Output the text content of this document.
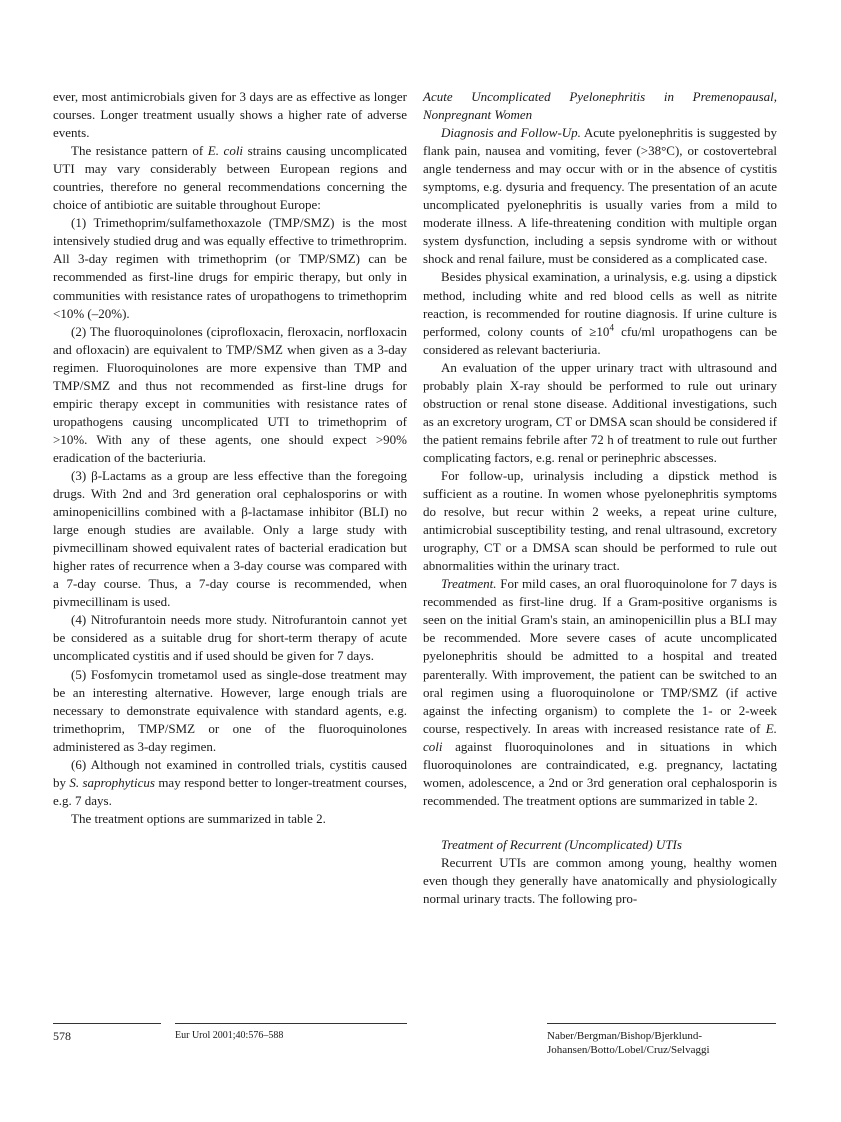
ever, most antimicrobials given for 3 days are as effective as longer courses. Longer treatment usually shows a higher rate of adverse events.

The resistance pattern of E. coli strains causing uncomplicated UTI may vary considerably between European regions and countries, therefore no general recommendations concerning the choice of antibiotic are suitable throughout Europe:

(1) Trimethoprim/sulfamethoxazole (TMP/SMZ) is the most intensively studied drug and was equally effective to trimethroprim. All 3-day regimen with trimethoprim (or TMP/SMZ) can be recommended as first-line drugs for empiric therapy, but only in communities with resistance rates of uropathogens to trimethoprim <10% (–20%).

(2) The fluoroquinolones (ciprofloxacin, fleroxacin, norfloxacin and ofloxacin) are equivalent to TMP/SMZ when given as a 3-day regimen. Fluoroquinolones are more expensive than TMP and TMP/SMZ and thus not recommended as first-line drugs for empiric therapy except in communities with resistance rates of uropathogens causing uncomplicated UTI to trimethoprim of >10%. With any of these agents, one should expect >90% eradication of the bacteriuria.

(3) β-Lactams as a group are less effective than the foregoing drugs. With 2nd and 3rd generation oral cephalosporins or with aminopenicillins combined with a β-lactamase inhibitor (BLI) no large enough studies are available. Only a large study with pivmecillinam showed equivalent rates of bacterial eradication but higher rates of recurrence when a 3-day course was compared with a 7-day course. Thus, a 7-day course is recommended, when pivmecillinam is used.

(4) Nitrofurantoin needs more study. Nitrofurantoin cannot yet be considered as a suitable drug for short-term therapy of acute uncomplicated cystitis and if used should be given for 7 days.

(5) Fosfomycin trometamol used as single-dose treatment may be an interesting alternative. However, large enough trials are necessary to demonstrate equivalence with standard agents, e.g. trimethoprim, TMP/SMZ or one of the fluoroquinolones administered as 3-day regimen.

(6) Although not examined in controlled trials, cystitis caused by S. saprophyticus may respond better to longer-treatment courses, e.g. 7 days.

The treatment options are summarized in table 2.

Acute Uncomplicated Pyelonephritis in Premenopausal, Nonpregnant Women

Diagnosis and Follow-Up. Acute pyelonephritis is suggested by flank pain, nausea and vomiting, fever (>38°C), or costovertebral angle tenderness and may occur with or in the absence of cystitis symptoms, e.g. dysuria and frequency. The presentation of an acute uncomplicated pyelonephritis is usually varies from a mild to moderate illness. A life-threatening condition with multiple organ system dysfunction, including a sepsis syndrome with or without shock and renal failure, must be considered as a complicated case.

Besides physical examination, a urinalysis, e.g. using a dipstick method, including white and red blood cells as well as nitrite reaction, is recommended for routine diagnosis. If urine culture is performed, colony counts of $\ge 10^4$ cfu/ml uropathogens can be considered as relevant bacteriuria.

An evaluation of the upper urinary tract with ultrasound and probably plain X-ray should be performed to rule out urinary obstruction or renal stone disease. Additional investigations, such as an excretory urogram, CT or DMSA scan should be considered if the patient remains febrile after 72 h of treatment to rule out further complicating factors, e.g. renal or perinephric abscesses.

For follow-up, urinalysis including a dipstick method is sufficient as a routine. In women whose pyelonephritis symptoms do resolve, but recur within 2 weeks, a repeat urine culture, antimicrobial susceptibility testing, and renal ultrasound, excretory urography, CT or a DMSA scan should be performed to rule out abnormalities within the urinary tract.

Treatment. For mild cases, an oral fluoroquinolone for 7 days is recommended as first-line drug. If a Gram-positive organisms is seen on the initial Gram's stain, an aminopenicillin plus a BLI may be recommended. More severe cases of acute uncomplicated pyelonephritis should be admitted to a hospital and treated parenterally. With improvement, the patient can be switched to an oral regimen using a fluoroquinolone or TMP/SMZ (if active against the infecting organism) to complete the 1- or 2-week course, respectively. In areas with increased resistance rate of E. coli against fluoroquinolones and in situations in which fluoroquinolones are contraindicated, e.g. pregnancy, lactating women, adolescence, a 2nd or 3rd generation oral cephalosporin is recommended. The treatment options are summarized in table 2.

Treatment of Recurrent (Uncomplicated) UTIs

Recurrent UTIs are common among young, healthy women even though they generally have anatomically and physiologically normal urinary tracts. The following pro-

578	Eur Urol 2001;40:576–588	Naber/Bergman/Bishop/Bjerklund-
Johansen/Botto/Lobel/Cruz/Selvaggi
